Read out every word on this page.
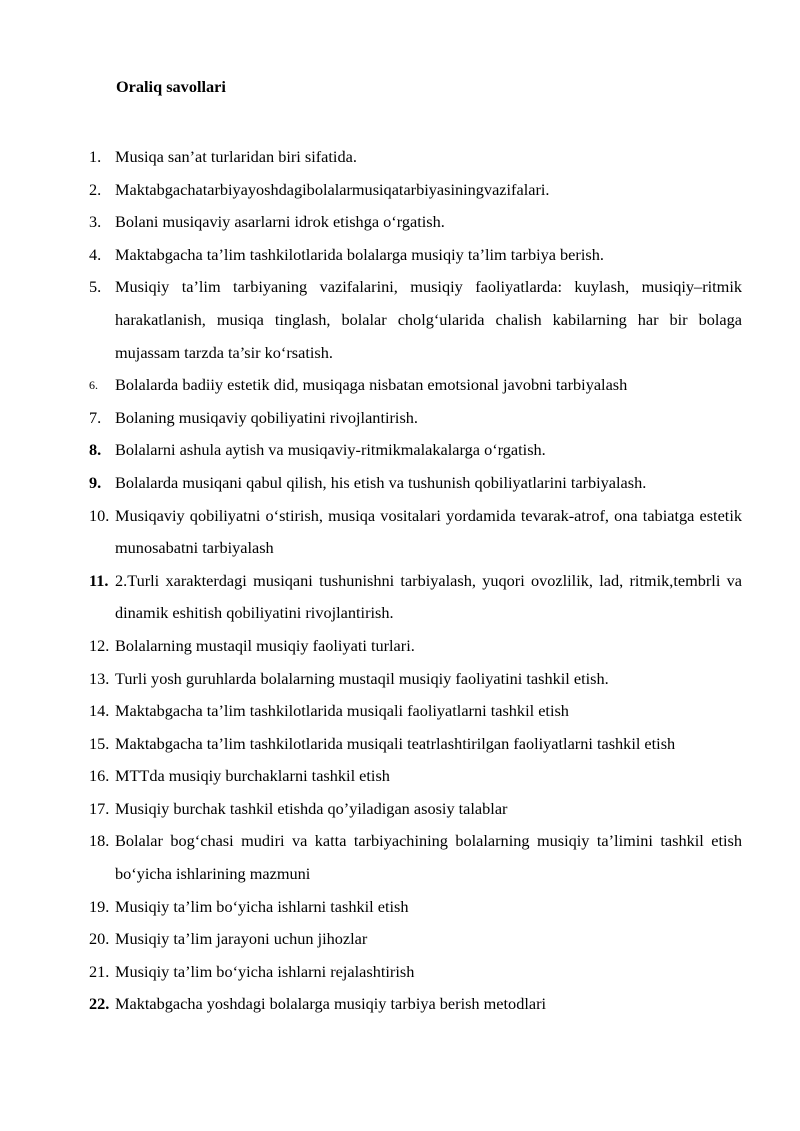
Oraliq savollari
1. Musiqa san’at turlaridan biri sifatida.
2. Maktabgachatarbiyayoshdagibolalarmusiqatarbiyasiningvazifalari.
3. Bolani musiqaviy asarlarni idrok etishga o‘rgatish.
4. Maktabgacha ta’lim tashkilotlarida bolalarga musiqiy ta’lim tarbiya berish.
5. Musiqiy ta’lim tarbiyaning vazifalarini, musiqiy faoliyatlarda: kuylash, musiqiy–ritmik harakatlanish, musiqa tinglash, bolalar cholg‘ularida chalish kabilarning har bir bolaga mujassam tarzda ta’sir ko‘rsatish.
6. Bolalarda badiiy estetik did, musiqaga nisbatan emotsional javobni tarbiyalash
7. Bolaning musiqaviy qobiliyatini rivojlantirish.
8. Bolalarni ashula aytish va musiqaviy-ritmikmalakalarga o‘rgatish.
9. Bolalarda musiqani qabul qilish, his etish va tushunish qobiliyatlarini tarbiyalash.
10. Musiqaviy qobiliyatni o‘stirish, musiqa vositalari yordamida tevarak-atrof, ona tabiatga estetik munosabatni tarbiyalash
11. 2.Turli xarakterdagi musiqani tushunishni tarbiyalash, yuqori ovozlilik, lad, ritmik,tembrli va dinamik eshitish qobiliyatini rivojlantirish.
12. Bolalarning mustaqil musiqiy faoliyati turlari.
13. Turli yosh guruhlarda bolalarning mustaqil musiqiy faoliyatini tashkil etish.
14. Maktabgacha ta’lim tashkilotlarida musiqali faoliyatlarni tashkil etish
15. Maktabgacha ta’lim tashkilotlarida musiqali teatrlashtirilgan faoliyatlarni tashkil etish
16. MTTda musiqiy burchaklarni tashkil etish
17. Musiqiy burchak tashkil etishda qo’yiladigan asosiy talablar
18. Bolalar bog‘chasi mudiri va katta tarbiyachining bolalarning musiqiy ta’limini tashkil etish bo‘yicha ishlarining mazmuni
19. Musiqiy ta’lim bo‘yicha ishlarni tashkil etish
20. Musiqiy ta’lim jarayoni uchun jihozlar
21. Musiqiy ta’lim bo‘yicha ishlarni rejalashtirish
22. Maktabgacha yoshdagi bolalarga musiqiy tarbiya berish metodlari
